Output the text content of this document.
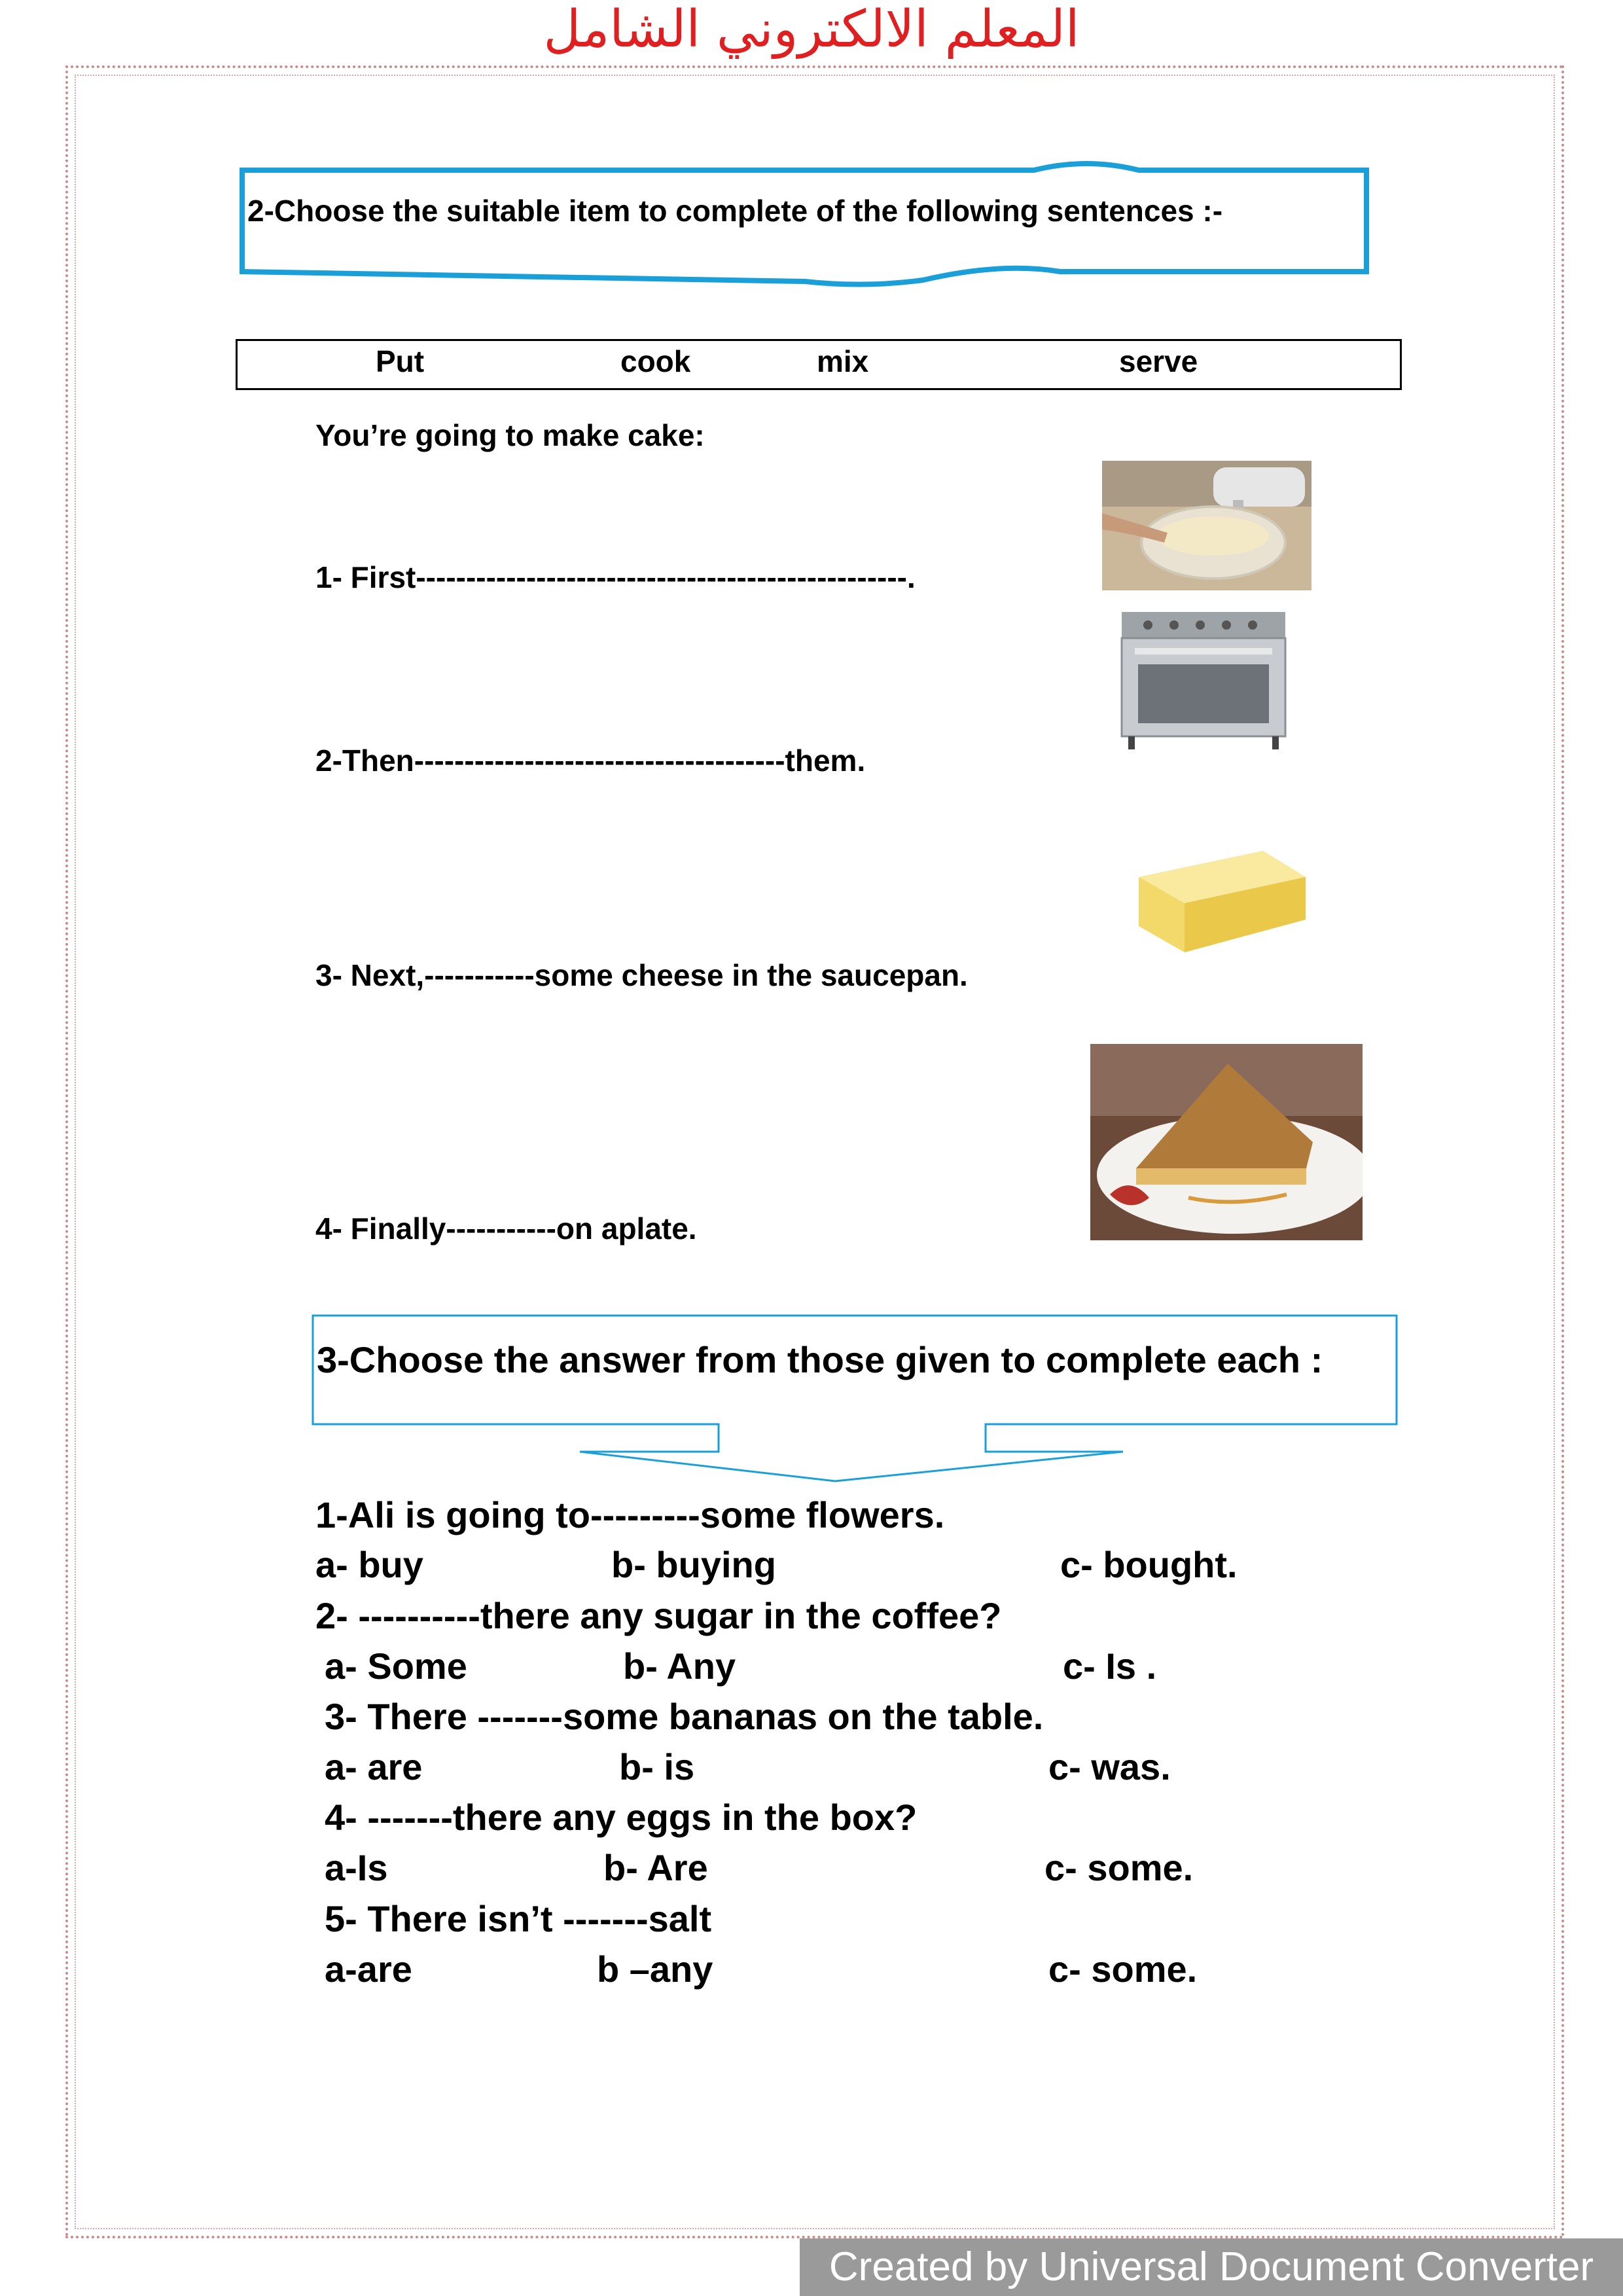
المعلم الالكتروني الشامل
2-Choose the suitable item to complete of the following sentences :-
Put	cook	mix	serve
You’re going to make cake:
1- First-------------------------------------------------.
2-Then-------------------------------------them.
3- Next,-----------some cheese in the saucepan.
4- Finally-----------on aplate.
3-Choose the answer from those given to complete each :
1-Ali is going to---------some flowers.
a- buy	b- buying	c- bought.
2- ----------there any sugar in the coffee?
a- Some	b- Any	c- Is .
3- There -------some bananas on the table.
a- are	b- is	c- was.
4- -------there any eggs in the box?
a-Is	b- Are	c- some.
5- There isn’t -------salt
a-are	b –any	c- some.
Created by Universal Document Converter
